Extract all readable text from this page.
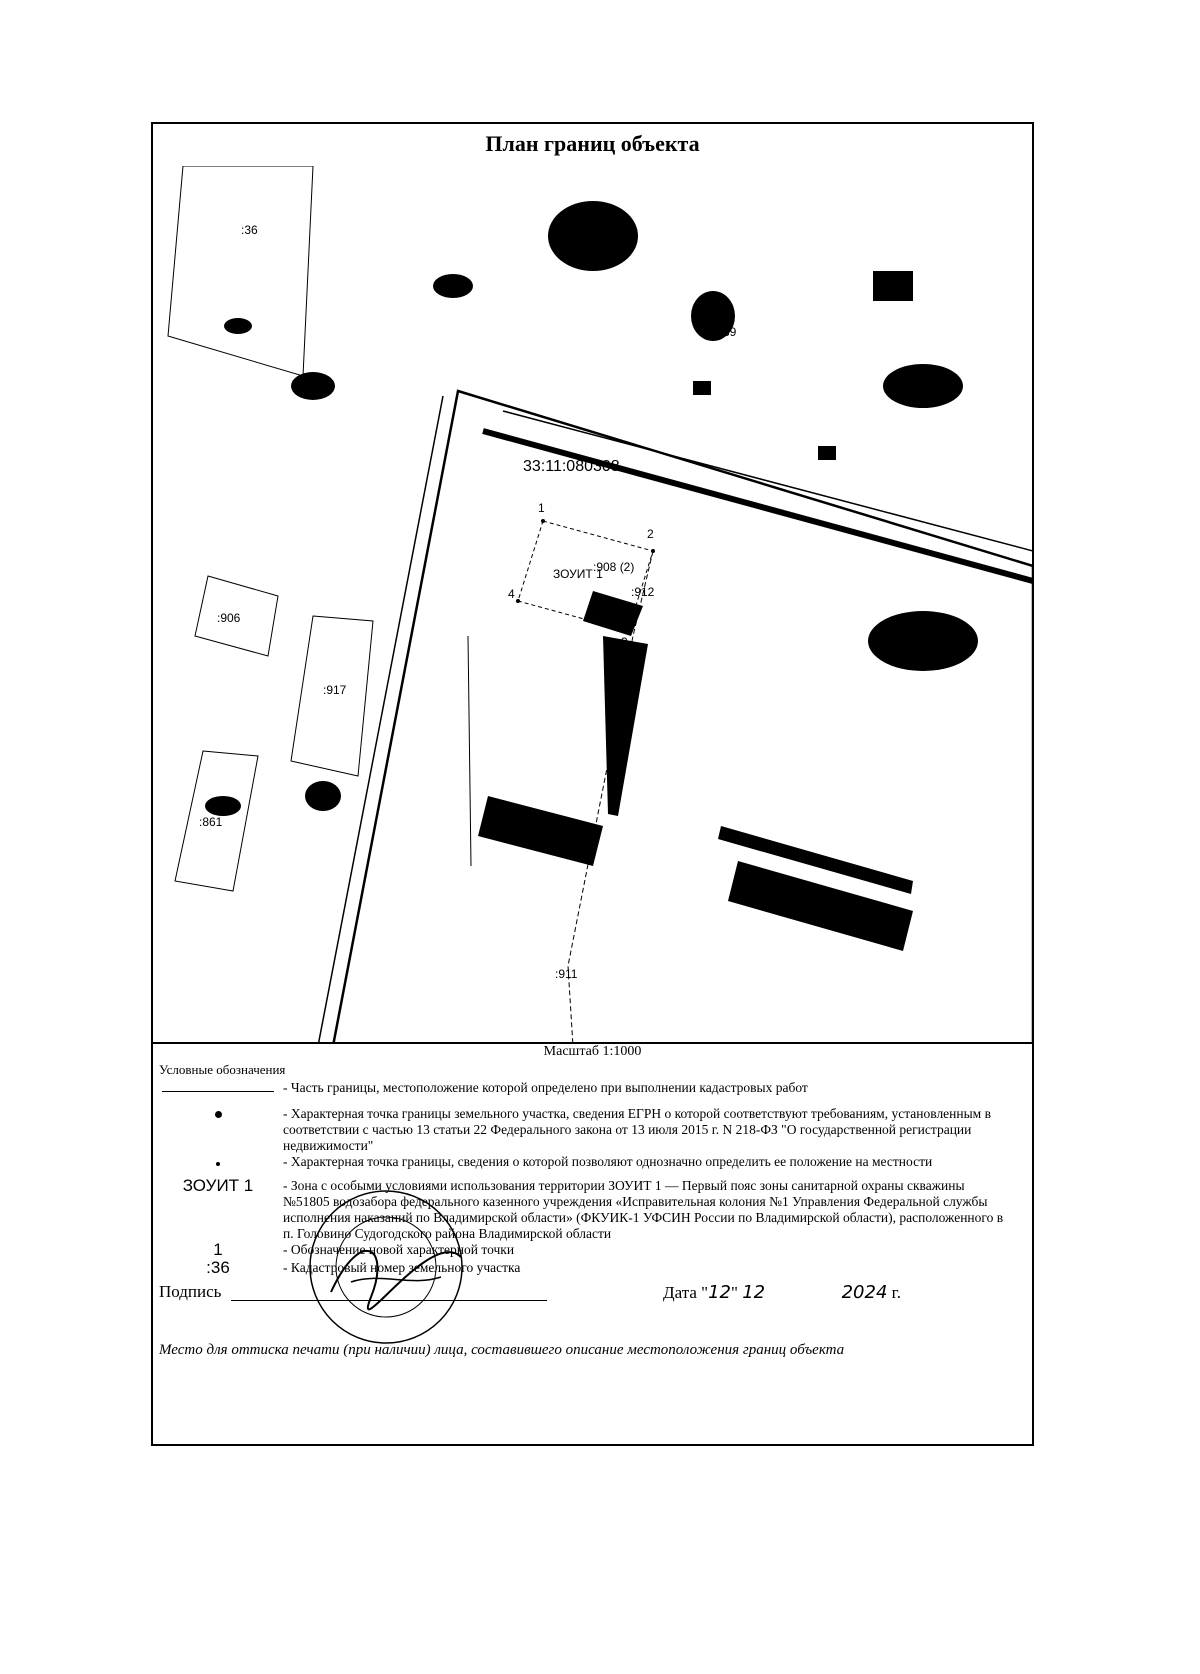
План границ объекта
:36
:939
33:11:080308
ЗОУИТ 1
:908 (2)
:912
:906
:917
:861
:911
1
2
3
4
Масштаб 1:1000
Условные обозначения
- Часть границы, местоположение которой определено при выполнении кадастровых работ
- Характерная точка границы земельного участка, сведения ЕГРН о которой соответствуют требованиям, установленным в соответствии с частью 13 статьи 22 Федерального закона от 13 июля 2015 г. N 218-ФЗ "О государственной регистрации недвижимости"
- Характерная точка границы, сведения о которой позволяют однозначно определить ее положение на местности
ЗОУИТ 1	- Зона с особыми условиями использования территории ЗОУИТ 1 — Первый пояс зоны санитарной охраны скважины №51805 водозабора федерального казенного учреждения «Исправительная колония №1 Управления Федеральной службы исполнения наказаний по Владимирской области» (ФКУИК-1 УФСИН России по Владимирской области), расположенного в п. Головино Судогодского района Владимирской области
1	- Обозначение новой характерной точки
:36	- Кадастровый номер земельного участка
Подпись	Дата "12" 12	2024 г.
Место для оттиска печати (при наличии) лица, составившего описание местоположения границ объекта
